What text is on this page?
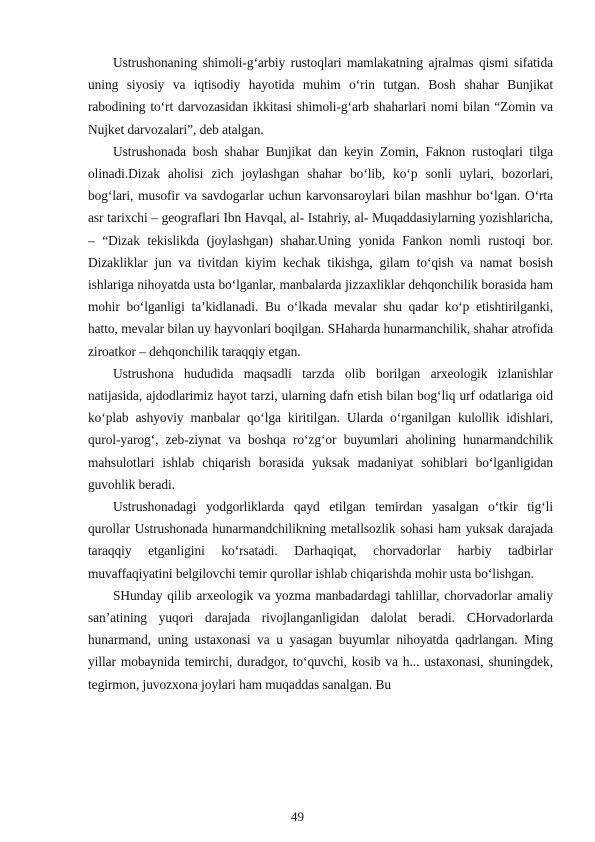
Ustrushonaning shimoli-g‘arbiy rustoqlari mamlakatning ajralmas qismi sifatida uning siyosiy va iqtisodiy hayotida muhim o‘rin tutgan. Bosh shahar Bunjikat rabodining to‘rt darvozasidan ikkitasi shimoli-g‘arb shaharlari nomi bilan “Zomin va Nujket darvozalari”, deb atalgan.

Ustrushonada bosh shahar Bunjikat dan keyin Zomin, Faknon rustoqlari tilga olinadi.Dizak aholisi zich joylashgan shahar bo‘lib, ko‘p sonli uylari, bozorlari, bog‘lari, musofir va savdogarlar uchun karvonsaroylari bilan mashhur bo‘lgan. O‘rta asr tarixchi – geograflari Ibn Havqal, al- Istahriy, al- Muqaddasiylarning yozishlaricha, – “Dizak tekislikda (joylashgan) shahar.Uning yonida Fankon nomli rustoqi bor. Dizakliklar jun va tivitdan kiyim kechak tikishga, gilam to‘qish va namat bosish ishlariga nihoyatda usta bo‘lganlar, manbalarda jizzaxliklar dehqonchilik borasida ham mohir bo‘lganligi ta’kidlanadi. Bu o‘lkada mevalar shu qadar ko‘p etishtirilganki, hatto, mevalar bilan uy hayvonlari boqilgan. SHaharda hunarmanchilik, shahar atrofida ziroatkor – dehqonchilik taraqqiy etgan.

Ustrushona hududida maqsadli tarzda olib borilgan arxeologik izlanishlar natijasida, ajdodlarimiz hayot tarzi, ularning dafn etish bilan bog‘liq urf odatlariga oid ko‘plab ashyoviy manbalar qo‘lga kiritilgan. Ularda o‘rganilgan kulollik idishlari, qurol-yarog‘, zeb-ziynat va boshqa ro‘zg‘or buyumlari aholining hunarmandchilik mahsulotlari ishlab chiqarish borasida yuksak madaniyat sohiblari bo‘lganligidan guvohlik beradi.

Ustrushonadagi yodgorliklarda qayd etilgan temirdan yasalgan o‘tkir tig‘li qurollar Ustrushonada hunarmandchilikning metallsozlik sohasi ham yuksak darajada taraqqiy etganligini ko‘rsatadi. Darhaqiqat, chorvadorlar harbiy tadbirlar muvaffaqiyatini belgilovchi temir qurollar ishlab chiqarishda mohir usta bo‘lishgan.

SHunday qilib arxeologik va yozma manbadardagi tahlillar, chorvadorlar amaliy san’atining yuqori darajada rivojlanganligidan dalolat beradi. CHorvadorlarda hunarmand, uning ustaxonasi va u yasagan buyumlar nihoyatda qadrlangan. Ming yillar mobaynida temirchi, duradgor, to‘quvchi, kosib va h... ustaxonasi, shuningdek, tegirmon, juvozxona joylari ham muqaddas sanalgan. Bu

49
